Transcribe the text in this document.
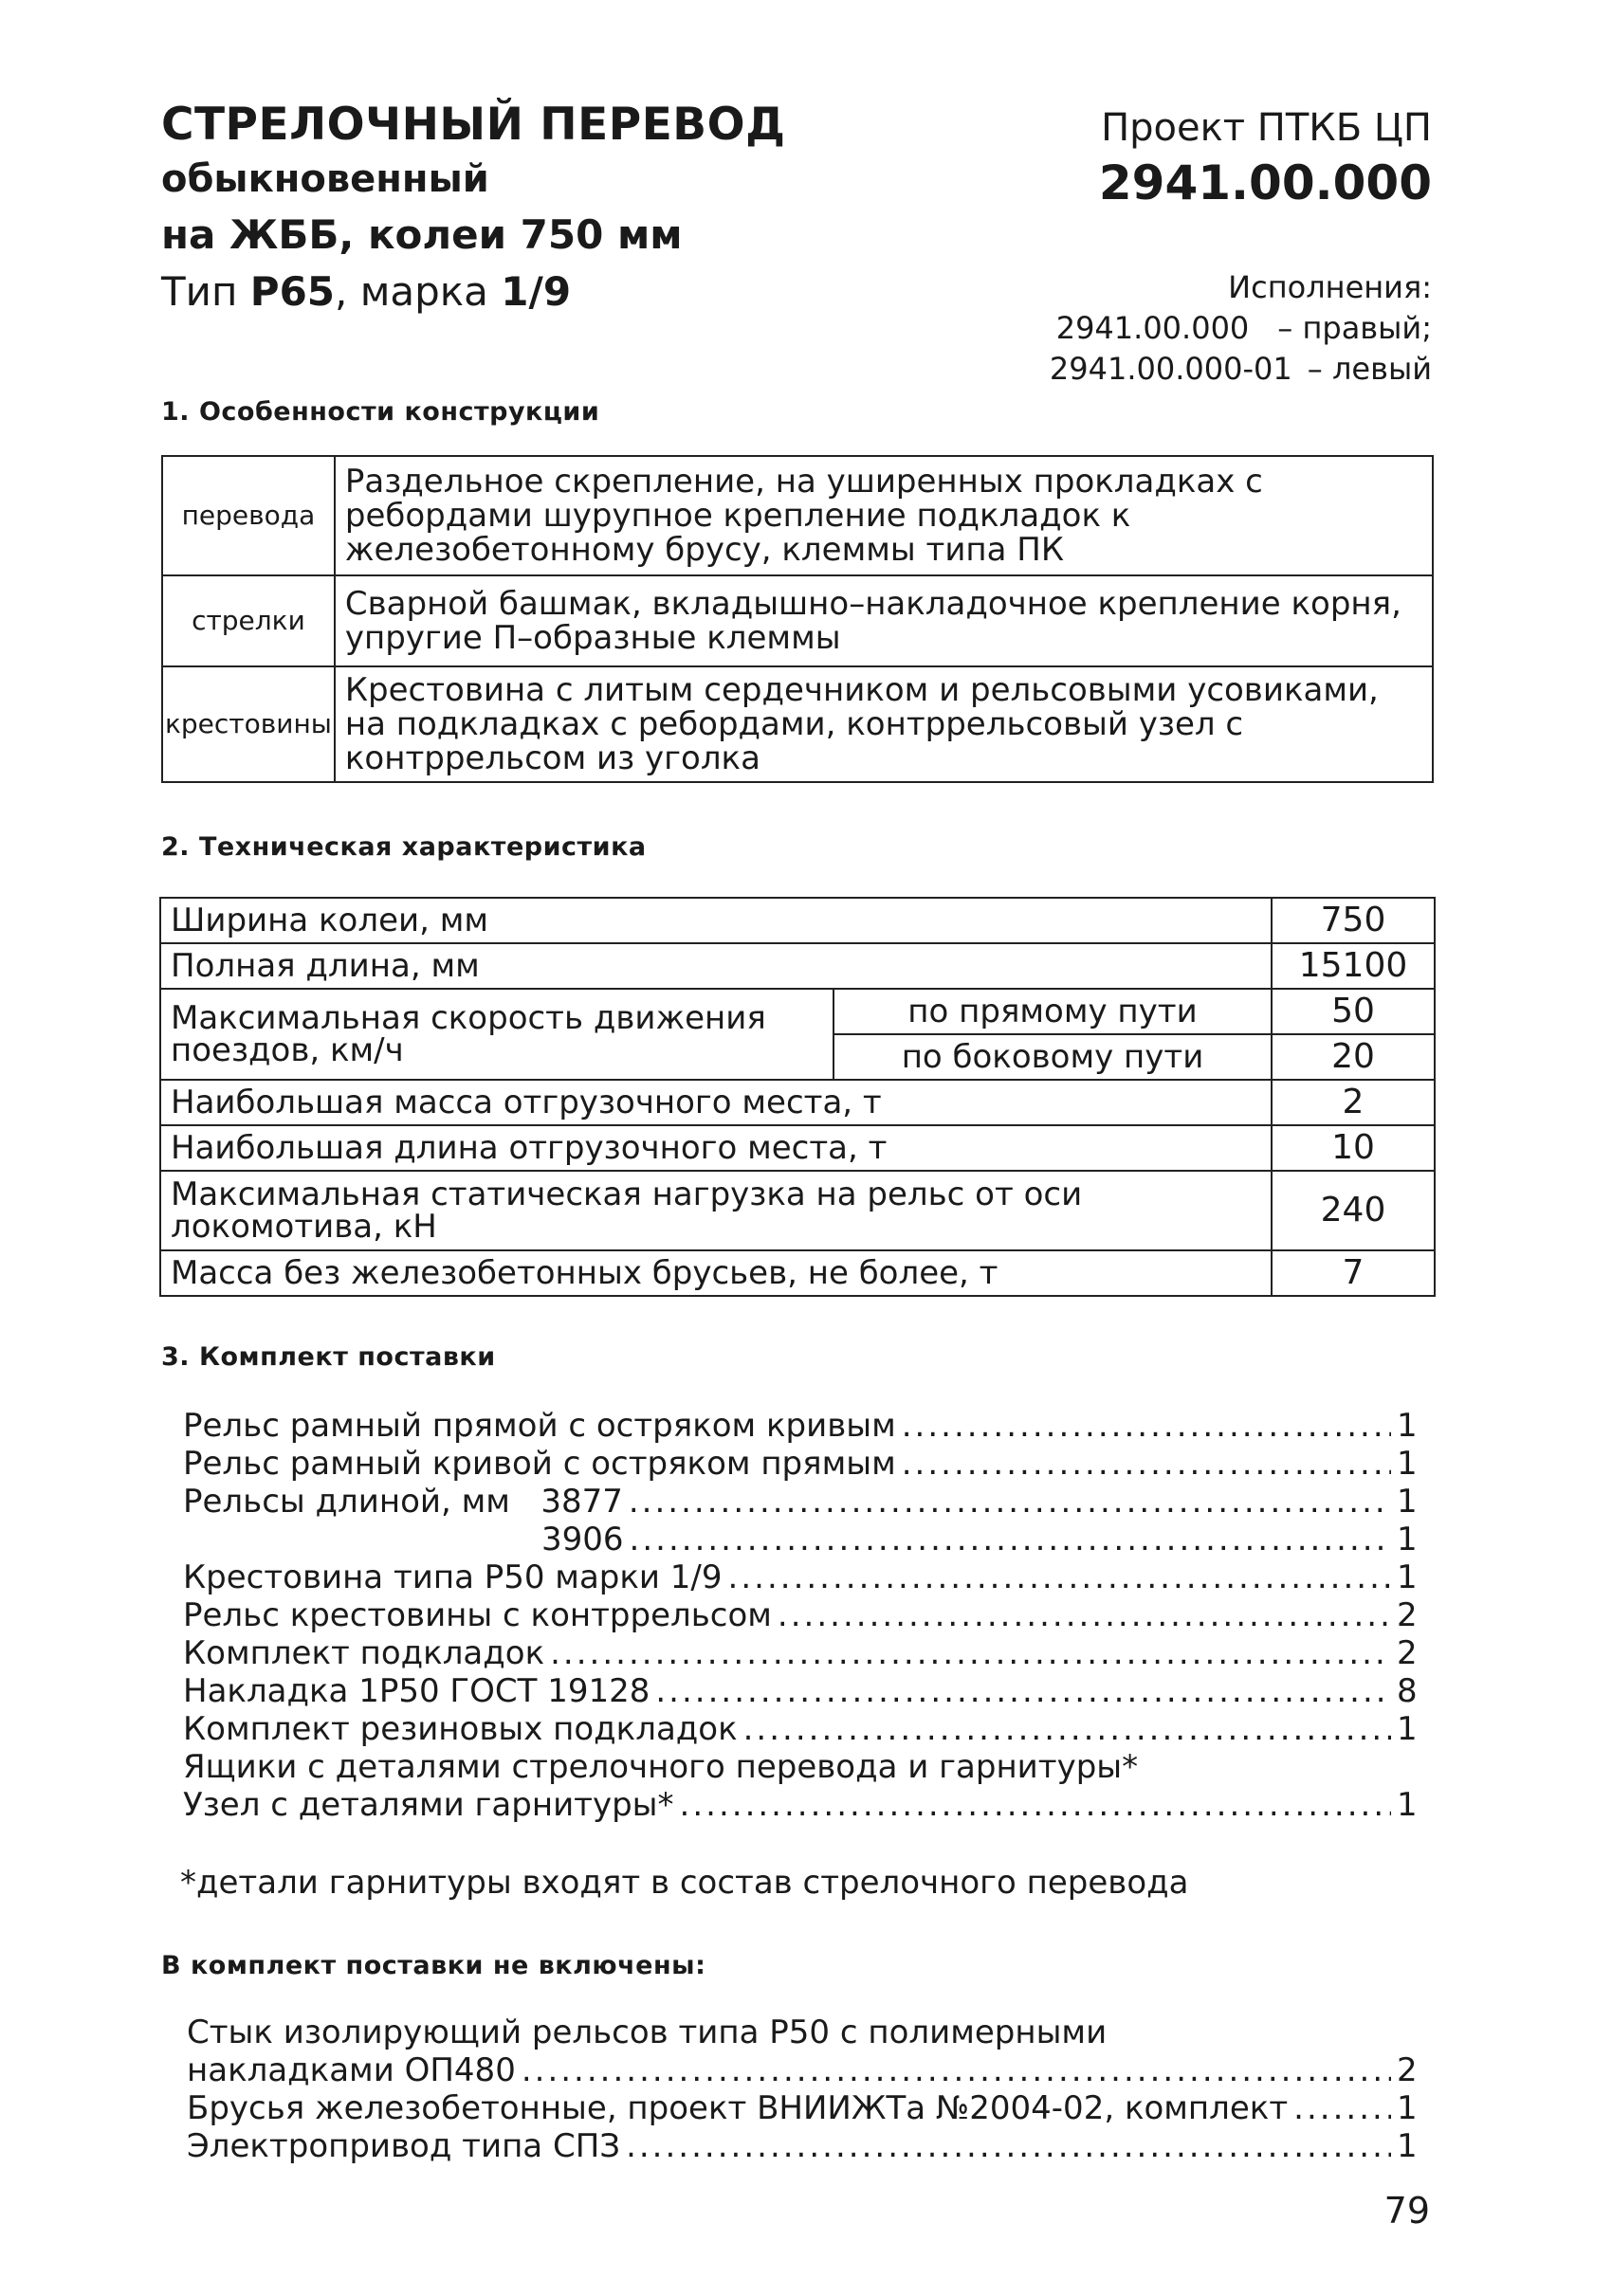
СТРЕЛОЧНЫЙ ПЕРЕВОД
обыкновенный
на ЖББ, колеи 750 мм
Тип Р65, марка 1/9
Проект ПТКБ ЦП
2941.00.000
Исполнения:
2941.00.000 – правый;
2941.00.000-01 – левый
1. Особенности конструкции
перевода	Раздельное скрепление, на уширенных прокладках с ребордами шурупное крепление подкладок к железобетонному брусу, клеммы типа ПК
стрелки	Сварной башмак, вкладышно–накладочное крепление корня, упругие П–образные клеммы
крестовины	Крестовина с литым сердечником и рельсовыми усовиками, на подкладках с ребордами, контррельсовый узел с контррельсом из уголка
2. Техническая характеристика
Ширина колеи, мм		750
Полная длина, мм		15100
Максимальная скорость движения поездов, км/ч	по прямому пути	50
	по боковому пути	20
Наибольшая масса отгрузочного места, т		2
Наибольшая длина отгрузочного места, т		10
Максимальная статическая нагрузка на рельс от оси локомотива, кН		240
Масса без железобетонных брусьев, не более, т		7
3. Комплект поставки
Рельс рамный прямой с остряком кривым .....	1
Рельс рамный кривой с остряком прямым .....	1
Рельсы длиной, мм   3877 .....	1
3906 .....	1
Крестовина типа Р50 марки 1/9 .....	1
Рельс крестовины с контррельсом .....	2
Комплект подкладок .....	2
Накладка 1Р50 ГОСТ 19128 .....	8
Комплект резиновых подкладок .....	1
Ящики с деталями стрелочного перевода и гарнитуры*
Узел с деталями гарнитуры* .....	1
*детали гарнитуры входят в состав стрелочного перевода
В комплект поставки не включены:
Стык изолирующий рельсов типа Р50 с полимерными
накладками ОП480 .....	2
Брусья железобетонные, проект ВНИИЖТа №2004-02, комплект .....	1
Электропривод типа СПЗ .....	1
79
